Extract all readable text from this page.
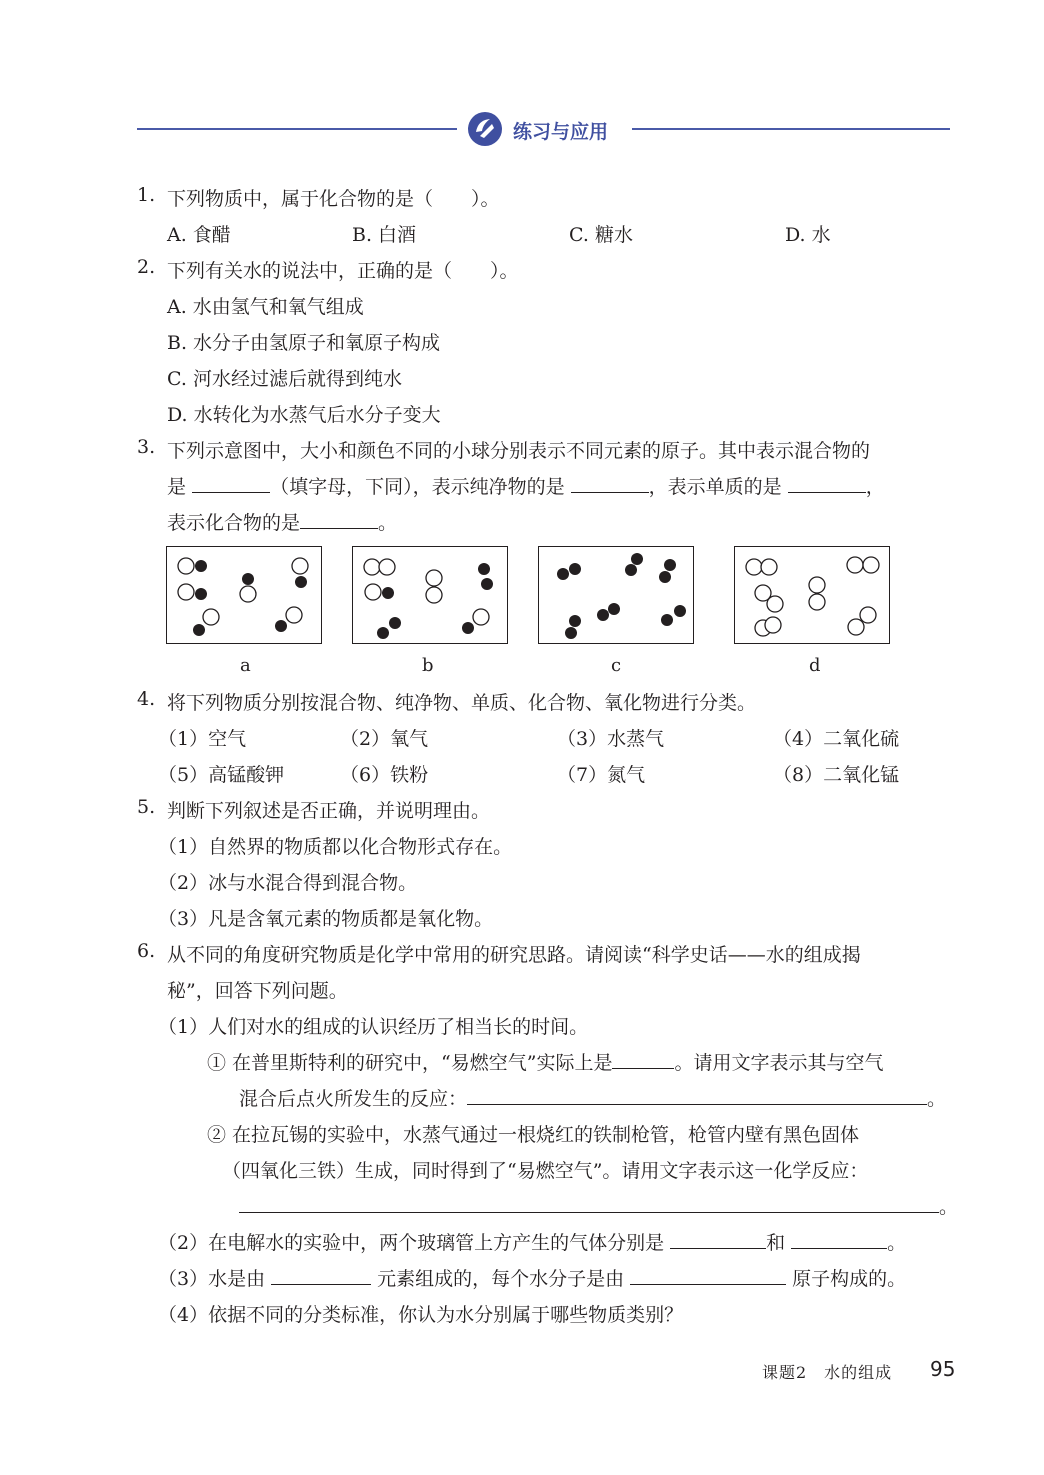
练习与应用
1. 下列物质中，属于化合物的是（　　）。
A. 食醋	B. 白酒	C. 糖水	D. 水
2. 下列有关水的说法中，正确的是（　　）。
A. 水由氢气和氧气组成
B. 水分子由氢原子和氧原子构成
C. 河水经过滤后就得到纯水
D. 水转化为水蒸气后水分子变大
3. 下列示意图中，大小和颜色不同的小球分别表示不同元素的原子。其中表示混合物的
是	（填字母，下同），表示纯净物的是	，表示单质的是	，
表示化合物的是	。
a	b	c	d
4. 将下列物质分别按混合物、纯净物、单质、化合物、氧化物进行分类。
（1）空气	（2）氧气	（3）水蒸气	（4）二氧化硫
（5）高锰酸钾	（6）铁粉	（7）氮气	（8）二氧化锰
5. 判断下列叙述是否正确，并说明理由。
（1）自然界的物质都以化合物形式存在。
（2）冰与水混合得到混合物。
（3）凡是含氧元素的物质都是氧化物。
6. 从不同的角度研究物质是化学中常用的研究思路。请阅读“科学史话——水的组成揭
秘”，回答下列问题。
（1）人们对水的组成的认识经历了相当长的时间。
① 在普里斯特利的研究中，“易燃空气”实际上是	。请用文字表示其与空气
混合后点火所发生的反应：	。
② 在拉瓦锡的实验中，水蒸气通过一根烧红的铁制枪管，枪管内壁有黑色固体
（四氧化三铁）生成，同时得到了“易燃空气”。请用文字表示这一化学反应：
。
（2）在电解水的实验中，两个玻璃管上方产生的气体分别是	和	。
（3）水是由	元素组成的，每个水分子是由	原子构成的。
（4）依据不同的分类标准，你认为水分别属于哪些物质类别？
课题2　水的组成 95
